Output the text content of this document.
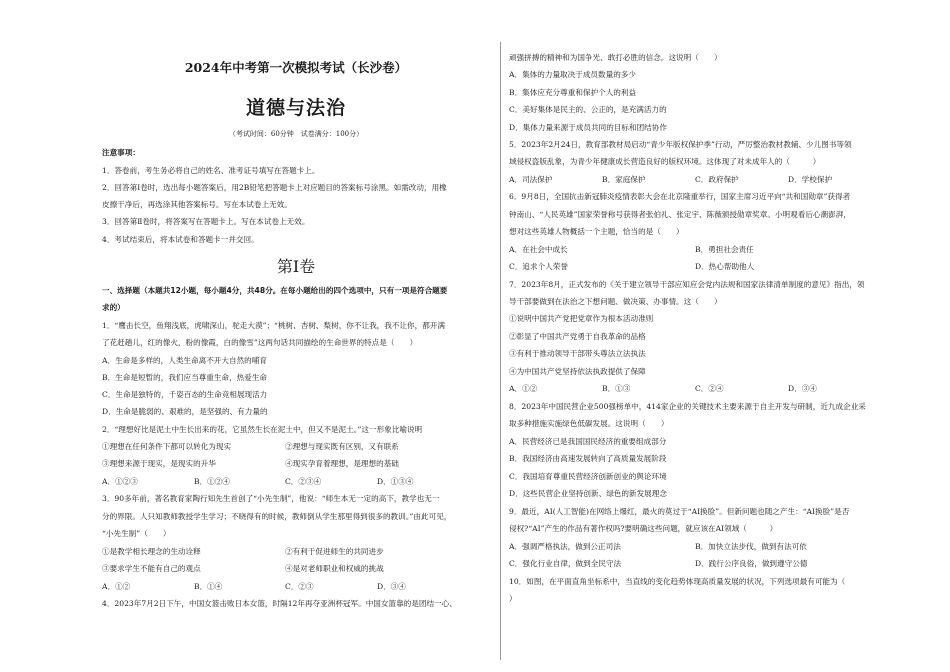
2024年中考第一次模拟考试（长沙卷）
道德与法治
（考试时间：60分钟　试卷满分：100分）
注意事项：
1．答卷前，考生务必将自己的姓名、准考证号填写在答题卡上。
2．回答第Ⅰ卷时，选出每小题答案后，用2B铅笔把答题卡上对应题目的答案标号涂黑。如需改动，用橡
皮擦干净后，再选涂其他答案标号。写在本试卷上无效。
3．回答第Ⅱ卷时，将答案写在答题卡上。写在本试卷上无效。
4．考试结束后，将本试卷和答题卡一并交回。
第Ⅰ卷
一、选择题（本题共12小题，每小题4分，共48分。在每小题给出的四个选项中，只有一项是符合题要
求的）
1．“鹰击长空，鱼翔浅底，虎啸深山，驼走大漠”；“桃树、杏树、梨树，你不让我，我不让你，都开满
了花赶趟儿，红的像火，粉的像霞，白的像雪”这两句话共同描绘的生命世界的特点是（　　）
A．生命是多样的，人类生命离不开大自然的哺育
B．生命是短暂的，我们应当尊重生命，热爱生命
C．生命是独特的，千姿百态的生命竞相展现活力
D．生命是脆弱的、艰难的，是坚强的、有力量的
2．“理想好比是泥土中生长出来的花，它虽然生长在泥土中，但又不是泥土。”这一形象比喻说明
①理想在任何条件下都可以转化为现实	②理想与现实既有区别，又有联系
③理想来源于现实，是现实的升华	④现实孕育着理想，是理想的基础
A．①②③	B．①②④	C．②③④	D．①③④
3．90多年前，著名教育家陶行知先生首创了“小先生制”，他说：“师生本无一定的高下，教学也无一
分的界限。人只知教师教授学生学习；不晓得有的时候，教师倒从学生那里得到很多的教训。”由此可见，
“小先生制”（　　）
①是教学相长理念的生动诠释	②有利于促进师生的共同进步
③要求学生不能有自己的观点	④是对老师职业和权威的挑战
A．①②	B．①④	C．②③	D．③④
4．2023年7月2日下午，中国女篮击败日本女篮，时隔12年再夺亚洲杯冠军。中国女篮靠的是团结一心、
顽强拼搏的精神和为国争光、敢打必胜的信念。这说明（　　）
A．集体的力量取决于成员数量的多少
B．集体应充分尊重和保护个人的利益
C．美好集体是民主的、公正的，是充满活力的
D．集体力量来源于成员共同的目标和团结协作
5．2023年2月24日，教育部教材局启动“青少年版权保护季”行动，严厉整治教材教辅、少儿图书等领
域侵权盗版乱象，为青少年健康成长营造良好的版权环境。这体现了对未成年人的（　　　）
A．司法保护	B．家庭保护	C．政府保护	D．学校保护
6．9月8日，全国抗击新冠肺炎疫情表彰大会在北京隆重举行，国家主席习近平向“共和国勋章”获得者
钟南山、“人民英雄”国家荣誉称号获得者张伯礼、张定宇、陈薇颁授勋章奖章。小明观看后心潮澎湃，
想对这些英雄人物概括一个主题，恰当的是（　　）
A．在社会中成长	B．勇担社会责任
C．追求个人荣誉	D．热心帮助他人
7．2023年8月，正式发布的《关于建立领导干部应知应会党内法规和国家法律清单制度的意见》指出，领
导干部要做到在法治之下想问题、做决策、办事情。这（　　）
①说明中国共产党把党章作为根本活动准则
②彰显了中国共产党勇于自我革命的品格
③有利于推动领导干部带头尊法立法执法
④为中国共产党坚持依法执政提供了保障
A．①②	B．①③	C．②④	D．③④
8．2023年中国民营企业500强榜单中，414家企业的关键技术主要来源于自主开发与研制，近九成企业采
取多种措施实施绿色低碳发展。这说明（　　）
A．民营经济已是我国国民经济的重要组成部分
B．我国经济由高速发展转向了高质量发展阶段
C．我国培育尊重民营经济创新创业的舆论环境
D．这些民营企业坚持创新、绿色的新发展理念
9．最近，AI(人工智能)在网络上爆红，最火的莫过于“AI换脸”。但新问题也随之产生：“AI换脸”是否
侵权?“AI”产生的作品有著作权吗?要明确这些问题，就应该在AI领域（　　　）
A．强调严格执法，做到公正司法	B．加快立法步伐，做到有法可依
C．强化行业自律，做到全民守法	D．践行公序良俗，做到遵守公德
10．如图，在平面直角坐标系中，当直线的变化趋势体现高质量发展的状况，下列选项最有可能为（
）
